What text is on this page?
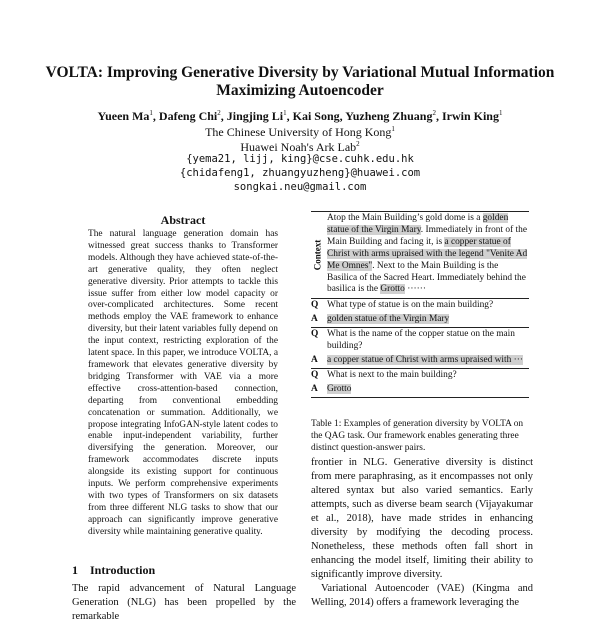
VOLTA: Improving Generative Diversity by Variational Mutual Information Maximizing Autoencoder
Yueen Ma$^1$, Dafeng Chi$^2$, Jingjing Li$^1$, Kai Song, Yuzheng Zhuang$^2$, Irwin King$^1$
The Chinese University of Hong Kong$^1$
Huawei Noah's Ark Lab$^2$
{yema21, lijj, king}@cse.cuhk.edu.hk
{chidafeng1, zhuangyuzheng}@huawei.com
songkai.neu@gmail.com
Abstract

The natural language generation domain has witnessed great success thanks to Transformer models. Although they have achieved state-of-the-art generative quality, they often neglect generative diversity. Prior attempts to tackle this issue suffer from either low model capacity or over-complicated architectures. Some recent methods employ the VAE framework to enhance diversity, but their latent variables fully depend on the input context, restricting exploration of the latent space. In this paper, we introduce VOLTA, a framework that elevates generative diversity by bridging Transformer with VAE via a more effective cross-attention-based connection, departing from conventional embedding concatenation or summation. Additionally, we propose integrating InfoGAN-style latent codes to enable input-independent variability, further diversifying the generation. Moreover, our framework accommodates discrete inputs alongside its existing support for continuous inputs. We perform comprehensive experiments with two types of Transformers on six datasets from three different NLG tasks to show that our approach can significantly improve generative diversity while maintaining generative quality.

1 Introduction

The rapid advancement of Natural Language Generation (NLG) has been propelled by the remarkable

Context
Atop the Main Building’s gold dome is a golden statue of the Virgin Mary. Immediately in front of the Main Building and facing it, is a copper statue of Christ with arms upraised with the legend "Venite Ad Me Omnes". Next to the Main Building is the Basilica of the Sacred Heart. Immediately behind the basilica is the Grotto ······
Q What type of statue is on the main building?
A golden statue of the Virgin Mary
Q What is the name of the copper statue on the main building?
A a copper statue of Christ with arms upraised with ···
Q What is next to the main building?
A Grotto

Table 1: Examples of generation diversity by VOLTA on the QAG task. Our framework enables generating three distinct question-answer pairs.

frontier in NLG. Generative diversity is distinct from mere paraphrasing, as it encompasses not only altered syntax but also varied semantics. Early attempts, such as diverse beam search (Vijayakumar et al., 2018), have made strides in enhancing diversity by modifying the decoding process. Nonetheless, these methods often fall short in enhancing the model itself, limiting their ability to significantly improve diversity.

Variational Autoencoder (VAE) (Kingma and Welling, 2014) offers a framework leveraging the
